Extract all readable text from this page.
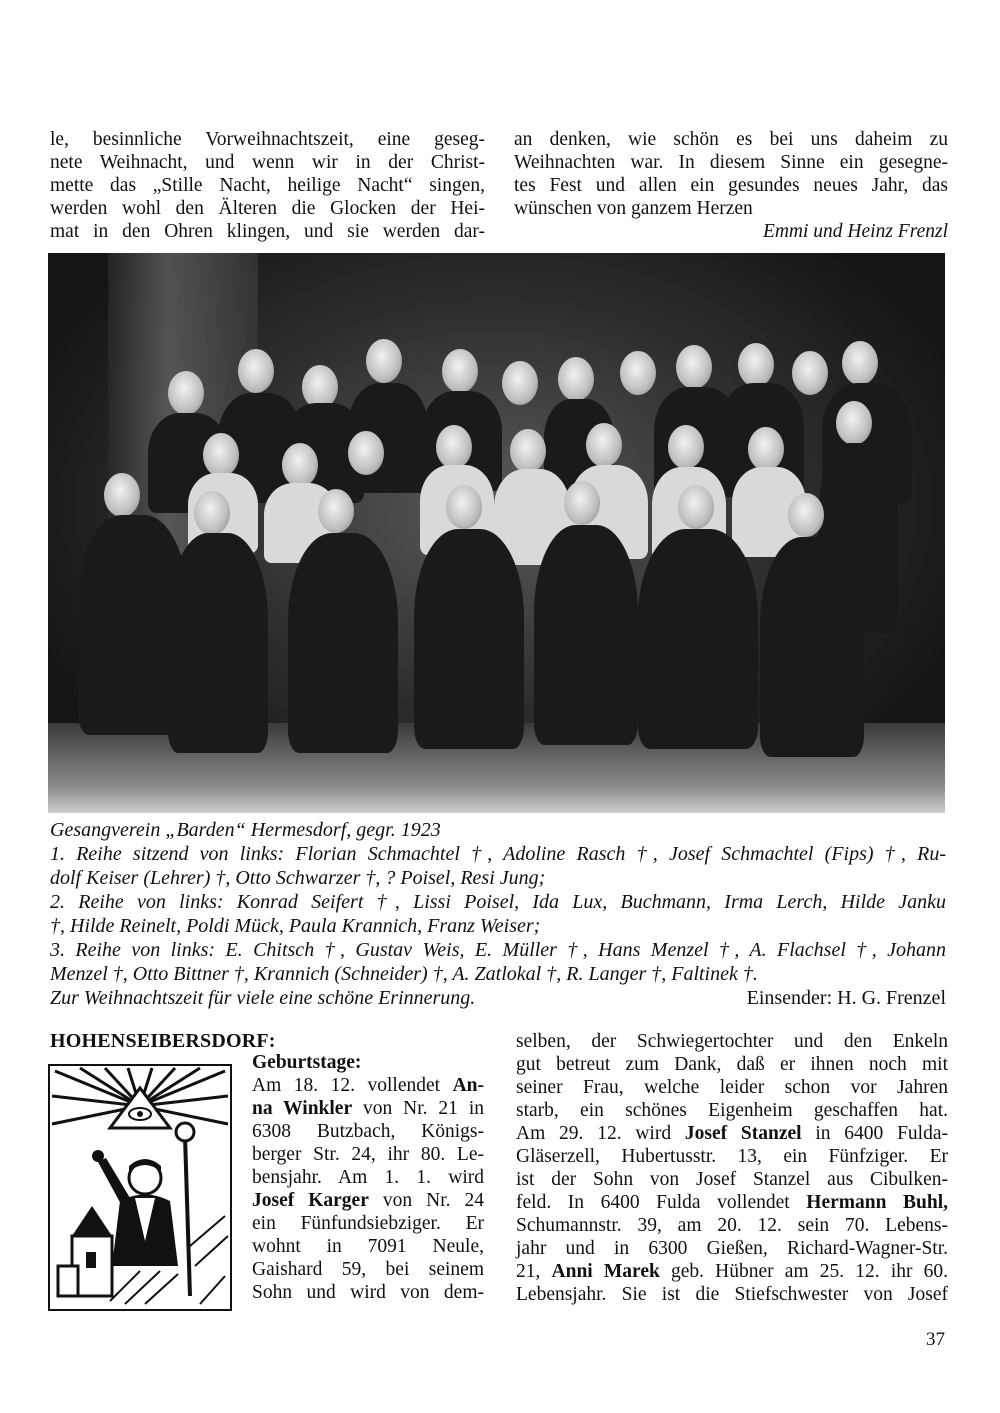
le, besinnliche Vorweihnachtszeit, eine geseg-
nete Weihnacht, und wenn wir in der Christ-
mette das „Stille Nacht, heilige Nacht“ singen,
werden wohl den Älteren die Glocken der Hei-
mat in den Ohren klingen, und sie werden dar-
an denken, wie schön es bei uns daheim zu
Weihnachten war. In diesem Sinne ein gesegne-
tes Fest und allen ein gesundes neues Jahr, das
wünschen von ganzem Herzen
Emmi und Heinz Frenzl
Gesangverein „Barden“ Hermesdorf, gegr. 1923
1. Reihe sitzend von links: Florian Schmachtel †, Adoline Rasch †, Josef Schmachtel (Fips) †, Ru-
dolf Keiser (Lehrer) †, Otto Schwarzer †, ? Poisel, Resi Jung;
2. Reihe von links: Konrad Seifert †, Lissi Poisel, Ida Lux, Buchmann, Irma Lerch, Hilde Janku
†, Hilde Reinelt, Poldi Mück, Paula Krannich, Franz Weiser;
3. Reihe von links: E. Chitsch †, Gustav Weis, E. Müller †, Hans Menzel †, A. Flachsel †, Johann
Menzel †, Otto Bittner †, Krannich (Schneider) †, A. Zatlokal †, R. Langer †, Faltinek †.
Zur Weihnachtszeit für viele eine schöne Erinnerung.	Einsender: H. G. Frenzel
HOHENSEIBERSDORF:
Geburtstage:
Am 18. 12. vollendet An-
na Winkler von Nr. 21 in
6308 Butzbach, Königs-
berger Str. 24, ihr 80. Le-
bensjahr. Am 1. 1. wird
Josef Karger von Nr. 24
ein Fünfundsiebziger. Er
wohnt in 7091 Neule,
Gaishard 59, bei seinem
Sohn und wird von dem-
selben, der Schwiegertochter und den Enkeln
gut betreut zum Dank, daß er ihnen noch mit
seiner Frau, welche leider schon vor Jahren
starb, ein schönes Eigenheim geschaffen hat.
Am 29. 12. wird Josef Stanzel in 6400 Fulda-
Gläserzell, Hubertusstr. 13, ein Fünfziger. Er
ist der Sohn von Josef Stanzel aus Cibulken-
feld. In 6400 Fulda vollendet Hermann Buhl,
Schumannstr. 39, am 20. 12. sein 70. Lebens-
jahr und in 6300 Gießen, Richard-Wagner-Str.
21, Anni Marek geb. Hübner am 25. 12. ihr 60.
Lebensjahr. Sie ist die Stiefschwester von Josef
37
